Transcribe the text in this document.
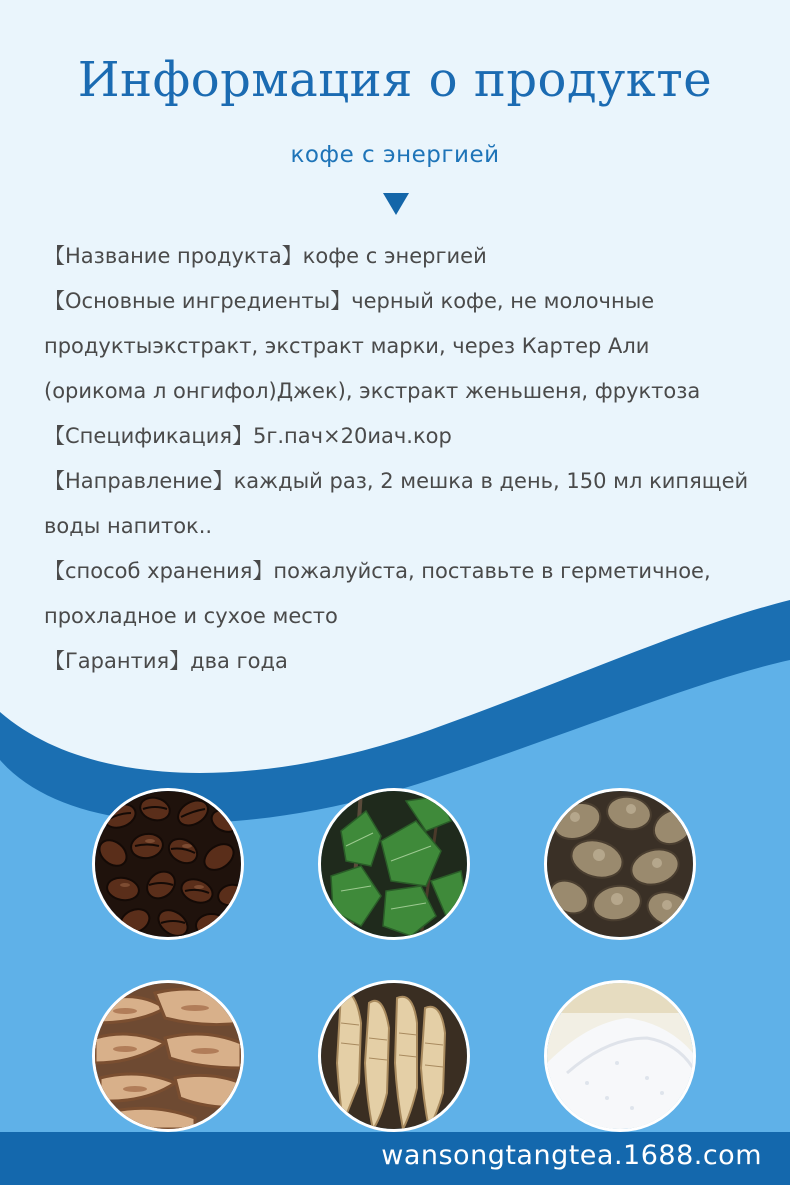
Информация о продукте
кофе с энергией
【Название продукта】кофе с энергией
【Основные ингредиенты】черный кофе, не молочные
продуктыэкстракт, экстракт марки, через Картер Али
(орикома л онгифол)Джек), экстракт женьшеня, фруктоза
【Спецификация】5г.пач×20иач.кор
【Направление】каждый раз, 2 мешка в день, 150 мл кипящей
воды напиток..
【способ хранения】пожалуйста, поставьте в герметичное,
прохладное и сухое место
【Гарантия】два года
wansongtangtea.1688.com
